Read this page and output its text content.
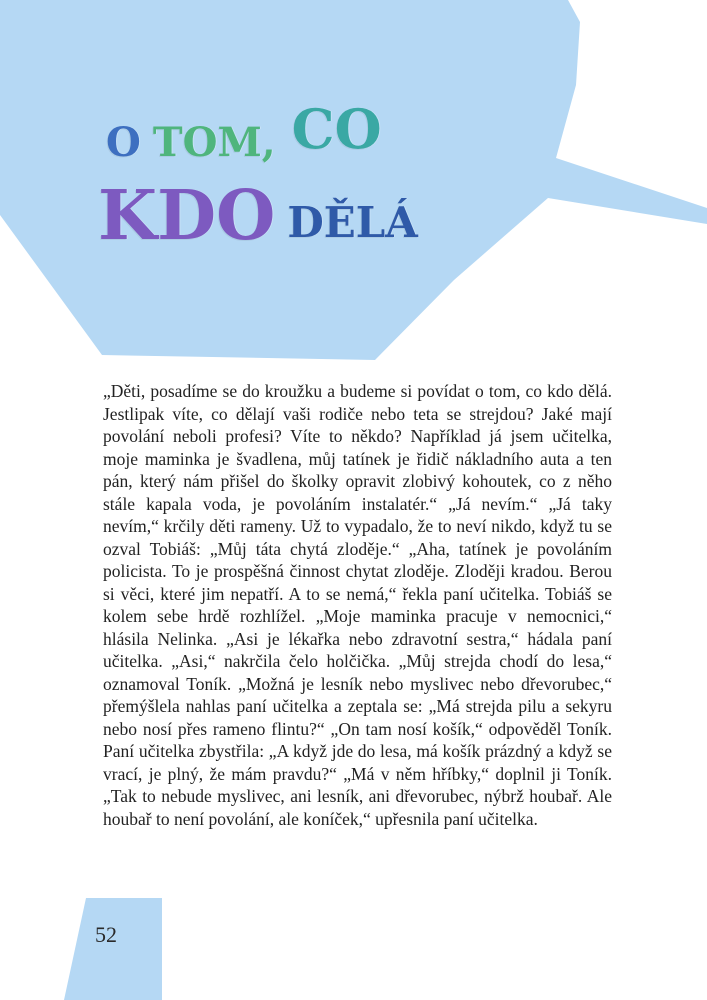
O TOM, CO
KDO DĚLÁ

„Děti, posadíme se do kroužku a budeme si povídat o tom, co kdo dělá. Jestlipak víte, co dělají vaši rodiče nebo teta se strejdou? Jaké mají povolání neboli profesi? Víte to někdo? Například já jsem učitelka, moje maminka je švadlena, můj tatínek je řidič nákladního auta a ten pán, který nám přišel do školky opravit zlobivý kohoutek, co z něho stále kapala voda, je povoláním instalatér.“ „Já nevím.“ „Já taky nevím,“ krčily děti rameny. Už to vypadalo, že to neví nikdo, když tu se ozval Tobiáš: „Můj táta chytá zloděje.“ „Aha, tatínek je povoláním policista. To je prospěšná činnost chytat zloděje. Zloději kradou. Berou si věci, které jim nepatří. A to se nemá,“ řekla paní učitelka. Tobiáš se kolem sebe hrdě rozhlížel. „Moje maminka pracuje v nemocnici,“ hlásila Nelinka. „Asi je lékařka nebo zdravotní sestra,“ hádala paní učitelka. „Asi,“ nakrčila čelo holčička. „Můj strejda chodí do lesa,“ oznamoval Toník. „Možná je lesník nebo myslivec nebo dřevorubec,“ přemýšlela nahlas paní učitelka a zeptala se: „Má strejda pilu a sekyru nebo nosí přes rameno flintu?“ „On tam nosí košík,“ odpověděl Toník. Paní učitelka zbystřila: „A když jde do lesa, má košík prázdný a když se vrací, je plný, že mám pravdu?“ „Má v něm hříbky,“ doplnil ji Toník. „Tak to nebude myslivec, ani lesník, ani dřevorubec, nýbrž houbař. Ale houbař to není povolání, ale koníček,“ upřesnila paní učitelka.

52
